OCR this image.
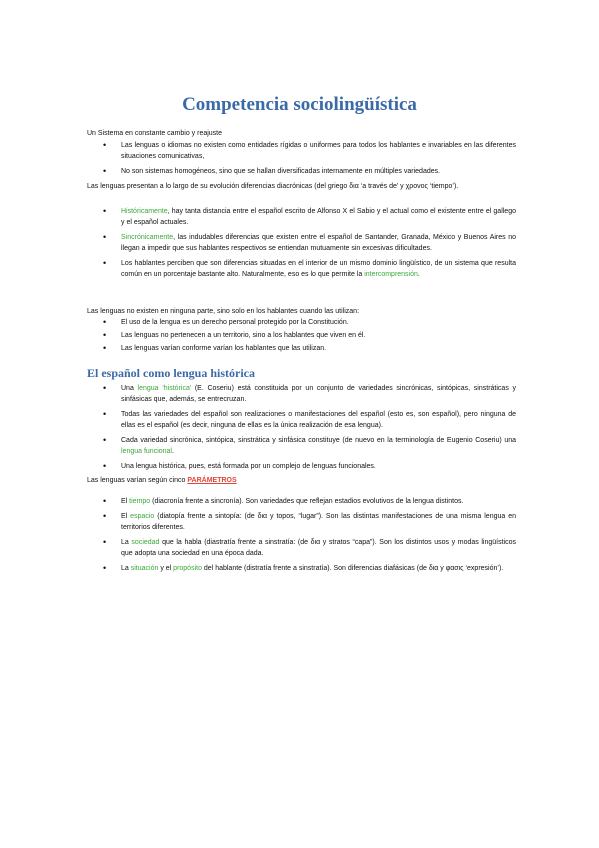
Competencia sociolingüística
Un Sistema en constante cambio y reajuste
• Las lenguas o idiomas no existen como entidades rígidas o uniformes para todos los hablantes e invariables en las diferentes situaciones comunicativas,
• No son sistemas homogéneos, sino que se hallan diversificadas internamente en múltiples variedades.
Las lenguas presentan a lo largo de su evolución diferencias diacrónicas (del griego δια ‘a través de’ y χρονος ‘tiempo’).
• Históricamente, hay tanta distancia entre el español escrito de Alfonso X el Sabio y el actual como el existente entre el gallego y el español actuales.
• Sincrónicamente, las indudables diferencias que existen entre el español de Santander, Granada, México y Buenos Aires no llegan a impedir que sus hablantes respectivos se entiendan mutuamente sin excesivas dificultades.
• Los hablantes perciben que son diferencias situadas en el interior de un mismo dominio lingüístico, de un sistema que resulta común en un porcentaje bastante alto. Naturalmente, eso es lo que permite la intercomprensión.
Las lenguas no existen en ninguna parte, sino solo en los hablantes cuando las utilizan:
• El uso de la lengua es un derecho personal protegido por la Constitución.
• Las lenguas no pertenecen a un territorio, sino a los hablantes que viven en él.
• Las lenguas varían conforme varían los hablantes que las utilizan.
El español como lengua histórica
• Una lengua ‘histórica’ (E. Coseriu) está constituida por un conjunto de variedades sincrónicas, sintópicas, sinstráticas y sinfásicas que, además, se entrecruzan.
• Todas las variedades del español son realizaciones o manifestaciones del español (esto es, son español), pero ninguna de ellas es el español (es decir, ninguna de ellas es la única realización de esa lengua).
• Cada variedad sincrónica, sintópica, sinstrática y sinfásica constituye (de nuevo en la terminología de Eugenio Coseriu) una lengua funcional.
• Una lengua histórica, pues, está formada por un complejo de lenguas funcionales.
Las lenguas varían según cinco PARÁMETROS
• El tiempo (diacronía frente a sincronía). Son variedades que reflejan estadios evolutivos de la lengua distintos.
• El espacio (diatopía frente a sintopía: (de δια y topos, “lugar”). Son las distintas manifestaciones de una misma lengua en territorios diferentes.
• La sociedad que la habla (diastratía frente a sinstratía: (de δια y stratos “capa”). Son los distintos usos y modas lingüísticos que adopta una sociedad en una época dada.
• La situación y el propósito del hablante (distratía frente a sinstratía). Son diferencias diafásicas (de δια y φασις ‘expresión’).
